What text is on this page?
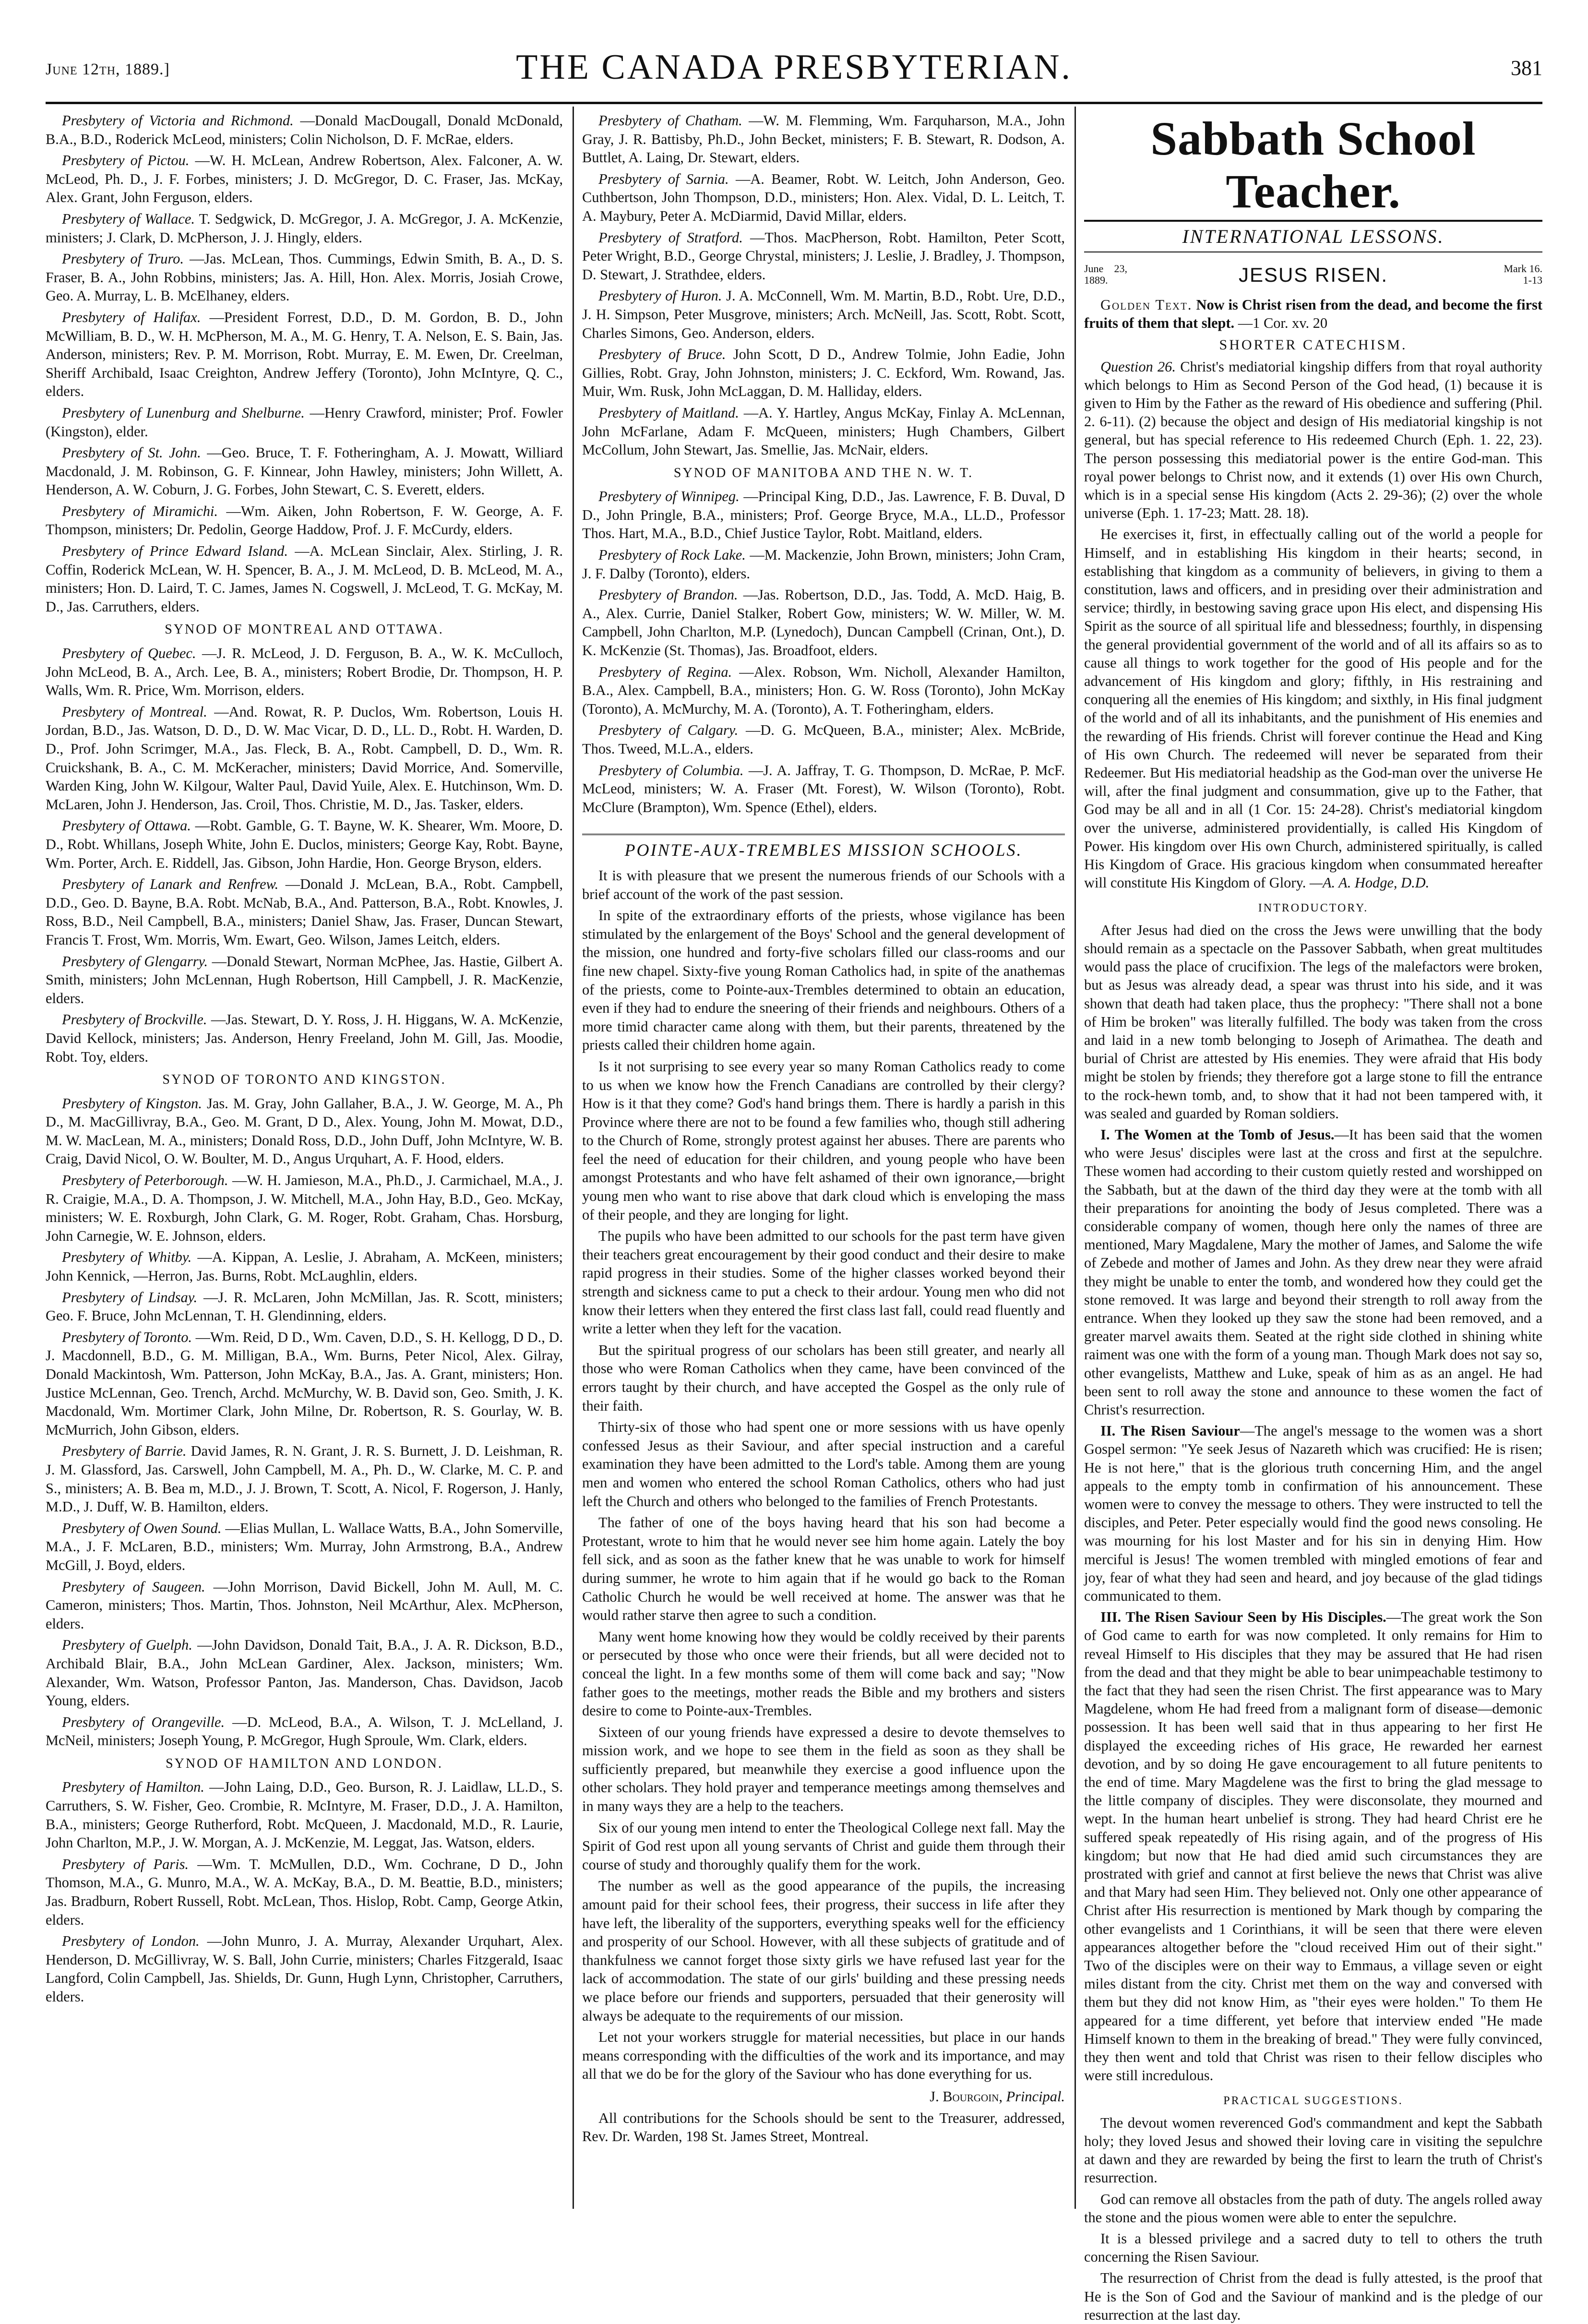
June 12th, 1889.]	THE CANADA PRESBYTERIAN.	381

Presbytery of Victoria and Richmond. —Donald MacDougall, Donald McDonald, B.A., B.D., Roderick McLeod, ministers; Colin Nicholson, D. F. McRae, elders.

Presbytery of Pictou. —W. H. McLean, Andrew Robertson, Alex. Falconer, A. W. McLeod, Ph. D., J. F. Forbes, ministers; J. D. McGregor, D. C. Fraser, Jas. McKay, Alex. Grant, John Ferguson, elders.

Presbytery of Wallace. T. Sedgwick, D. McGregor, J. A. McGregor, J. A. McKenzie, ministers; J. Clark, D. McPherson, J. J. Hingly, elders.

Presbytery of Truro. —Jas. McLean, Thos. Cummings, Edwin Smith, B. A., D. S. Fraser, B. A., John Robbins, ministers; Jas. A. Hill, Hon. Alex. Morris, Josiah Crowe, Geo. A. Murray, L. B. McElhaney, elders.

Presbytery of Halifax. —President Forrest, D.D., D. M. Gordon, B. D., John McWilliam, B. D., W. H. McPherson, M. A., M. G. Henry, T. A. Nelson, E. S. Bain, Jas. Anderson, ministers; Rev. P. M. Morrison, Robt. Murray, E. M. Ewen, Dr. Creelman, Sheriff Archibald, Isaac Creighton, Andrew Jeffery (Toronto), John McIntyre, Q. C., elders.

Presbytery of Lunenburg and Shelburne. —Henry Crawford, minister; Prof. Fowler (Kingston), elder.

Presbytery of St. John. —Geo. Bruce, T. F. Fotheringham, A. J. Mowatt, Williard Macdonald, J. M. Robinson, G. F. Kinnear, John Hawley, ministers; John Willett, A. Henderson, A. W. Coburn, J. G. Forbes, John Stewart, C. S. Everett, elders.

Presbytery of Miramichi. —Wm. Aiken, John Robertson, F. W. George, A. F. Thompson, ministers; Dr. Pedolin, George Haddow, Prof. J. F. McCurdy, elders.

Presbytery of Prince Edward Island. —A. McLean Sinclair, Alex. Stirling, J. R. Coffin, Roderick McLean, W. H. Spencer, B. A., J. M. McLeod, D. B. McLeod, M. A., ministers; Hon. D. Laird, T. C. James, James N. Cogswell, J. McLeod, T. G. McKay, M. D., Jas. Carruthers, elders.

SYNOD OF MONTREAL AND OTTAWA.

Presbytery of Quebec. —J. R. McLeod, J. D. Ferguson, B. A., W. K. McCulloch, John McLeod, B. A., Arch. Lee, B. A., ministers; Robert Brodie, Dr. Thompson, H. P. Walls, Wm. R. Price, Wm. Morrison, elders.

Presbytery of Montreal. —And. Rowat, R. P. Duclos, Wm. Robertson, Louis H. Jordan, B.D., Jas. Watson, D. D., D. W. Mac Vicar, D. D., LL. D., Robt. H. Warden, D. D., Prof. John Scrimger, M.A., Jas. Fleck, B. A., Robt. Campbell, D. D., Wm. R. Cruickshank, B. A., C. M. McKeracher, ministers; David Morrice, And. Somerville, Warden King, John W. Kilgour, Walter Paul, David Yuile, Alex. E. Hutchinson, Wm. D. McLaren, John J. Henderson, Jas. Croil, Thos. Christie, M. D., Jas. Tasker, elders.

Presbytery of Ottawa. —Robt. Gamble, G. T. Bayne, W. K. Shearer, Wm. Moore, D. D., Robt. Whillans, Joseph White, John E. Duclos, ministers; George Kay, Robt. Bayne, Wm. Porter, Arch. E. Riddell, Jas. Gibson, John Hardie, Hon. George Bryson, elders.

Presbytery of Lanark and Renfrew. —Donald J. McLean, B.A., Robt. Campbell, D.D., Geo. D. Bayne, B.A. Robt. McNab, B.A., And. Patterson, B.A., Robt. Knowles, J. Ross, B.D., Neil Campbell, B.A., ministers; Daniel Shaw, Jas. Fraser, Duncan Stewart, Francis T. Frost, Wm. Morris, Wm. Ewart, Geo. Wilson, James Leitch, elders.

Presbytery of Glengarry. —Donald Stewart, Norman McPhee, Jas. Hastie, Gilbert A. Smith, ministers; John McLennan, Hugh Robertson, Hill Campbell, J. R. MacKenzie, elders.

Presbytery of Brockville. —Jas. Stewart, D. Y. Ross, J. H. Higgans, W. A. McKenzie, David Kellock, ministers; Jas. Anderson, Henry Freeland, John M. Gill, Jas. Moodie, Robt. Toy, elders.

SYNOD OF TORONTO AND KINGSTON.

Presbytery of Kingston. Jas. M. Gray, John Gallaher, B.A., J. W. George, M. A., Ph D., M. MacGillivray, B.A., Geo. M. Grant, D D., Alex. Young, John M. Mowat, D.D., M. W. MacLean, M. A., ministers; Donald Ross, D.D., John Duff, John McIntyre, W. B. Craig, David Nicol, O. W. Boulter, M. D., Angus Urquhart, A. F. Hood, elders.

Presbytery of Peterborough. —W. H. Jamieson, M.A., Ph.D., J. Carmichael, M.A., J. R. Craigie, M.A., D. A. Thompson, J. W. Mitchell, M.A., John Hay, B.D., Geo. McKay, ministers; W. E. Roxburgh, John Clark, G. M. Roger, Robt. Graham, Chas. Horsburg, John Carnegie, W. E. Johnson, elders.

Presbytery of Whitby. —A. Kippan, A. Leslie, J. Abraham, A. McKeen, ministers; John Kennick, —Herron, Jas. Burns, Robt. McLaughlin, elders.

Presbytery of Lindsay. —J. R. McLaren, John McMillan, Jas. R. Scott, ministers; Geo. F. Bruce, John McLennan, T. H. Glendinning, elders.

Presbytery of Toronto. —Wm. Reid, D D., Wm. Caven, D.D., S. H. Kellogg, D D., D. J. Macdonnell, B.D., G. M. Milligan, B.A., Wm. Burns, Peter Nicol, Alex. Gilray, Donald Mackintosh, Wm. Patterson, John McKay, B.A., Jas. A. Grant, ministers; Hon. Justice McLennan, Geo. Trench, Archd. McMurchy, W. B. David son, Geo. Smith, J. K. Macdonald, Wm. Mortimer Clark, John Milne, Dr. Robertson, R. S. Gourlay, W. B. McMurrich, John Gibson, elders.

Presbytery of Barrie. David James, R. N. Grant, J. R. S. Burnett, J. D. Leishman, R. J. M. Glassford, Jas. Carswell, John Campbell, M. A., Ph. D., W. Clarke, M. C. P. and S., ministers; A. B. Bea m, M.D., J. J. Brown, T. Scott, A. Nicol, F. Rogerson, J. Hanly, M.D., J. Duff, W. B. Hamilton, elders.

Presbytery of Owen Sound. —Elias Mullan, L. Wallace Watts, B.A., John Somerville, M.A., J. F. McLaren, B.D., ministers; Wm. Murray, John Armstrong, B.A., Andrew McGill, J. Boyd, elders.

Presbytery of Saugeen. —John Morrison, David Bickell, John M. Aull, M. C. Cameron, ministers; Thos. Martin, Thos. Johnston, Neil McArthur, Alex. McPherson, elders.

Presbytery of Guelph. —John Davidson, Donald Tait, B.A., J. A. R. Dickson, B.D., Archibald Blair, B.A., John McLean Gardiner, Alex. Jackson, ministers; Wm. Alexander, Wm. Watson, Professor Panton, Jas. Manderson, Chas. Davidson, Jacob Young, elders.

Presbytery of Orangeville. —D. McLeod, B.A., A. Wilson, T. J. McLelland, J. McNeil, ministers; Joseph Young, P. McGregor, Hugh Sproule, Wm. Clark, elders.

SYNOD OF HAMILTON AND LONDON.

Presbytery of Hamilton. —John Laing, D.D., Geo. Burson, R. J. Laidlaw, LL.D., S. Carruthers, S. W. Fisher, Geo. Crombie, R. McIntyre, M. Fraser, D.D., J. A. Hamilton, B.A., ministers; George Rutherford, Robt. McQueen, J. Macdonald, M.D., R. Laurie, John Charlton, M.P., J. W. Morgan, A. J. McKenzie, M. Leggat, Jas. Watson, elders.

Presbytery of Paris. —Wm. T. McMullen, D.D., Wm. Cochrane, D D., John Thomson, M.A., G. Munro, M.A., W. A. McKay, B.A., D. M. Beattie, B.D., ministers; Jas. Bradburn, Robert Russell, Robt. McLean, Thos. Hislop, Robt. Camp, George Atkin, elders.

Presbytery of London. —John Munro, J. A. Murray, Alexander Urquhart, Alex. Henderson, D. McGillivray, W. S. Ball, John Currie, ministers; Charles Fitzgerald, Isaac Langford, Colin Campbell, Jas. Shields, Dr. Gunn, Hugh Lynn, Christopher, Carruthers, elders.

Presbytery of Chatham. —W. M. Flemming, Wm. Farquharson, M.A., John Gray, J. R. Battisby, Ph.D., John Becket, ministers; F. B. Stewart, R. Dodson, A. Buttlet, A. Laing, Dr. Stewart, elders.

Presbytery of Sarnia. —A. Beamer, Robt. W. Leitch, John Anderson, Geo. Cuthbertson, John Thompson, D.D., ministers; Hon. Alex. Vidal, D. L. Leitch, T. A. Maybury, Peter A. McDiarmid, David Millar, elders.

Presbytery of Stratford. —Thos. MacPherson, Robt. Hamilton, Peter Scott, Peter Wright, B.D., George Chrystal, ministers; J. Leslie, J. Bradley, J. Thompson, D. Stewart, J. Strathdee, elders.

Presbytery of Huron. J. A. McConnell, Wm. M. Martin, B.D., Robt. Ure, D.D., J. H. Simpson, Peter Musgrove, ministers; Arch. McNeill, Jas. Scott, Robt. Scott, Charles Simons, Geo. Anderson, elders.

Presbytery of Bruce. John Scott, D D., Andrew Tolmie, John Eadie, John Gillies, Robt. Gray, John Johnston, ministers; J. C. Eckford, Wm. Rowand, Jas. Muir, Wm. Rusk, John McLaggan, D. M. Halliday, elders.

Presbytery of Maitland. —A. Y. Hartley, Angus McKay, Finlay A. McLennan, John McFarlane, Adam F. McQueen, ministers; Hugh Chambers, Gilbert McCollum, John Stewart, Jas. Smellie, Jas. McNair, elders.

SYNOD OF MANITOBA AND THE N. W. T.

Presbytery of Winnipeg. —Principal King, D.D., Jas. Lawrence, F. B. Duval, D D., John Pringle, B.A., ministers; Prof. George Bryce, M.A., LL.D., Professor Thos. Hart, M.A., B.D., Chief Justice Taylor, Robt. Maitland, elders.

Presbytery of Rock Lake. —M. Mackenzie, John Brown, ministers; John Cram, J. F. Dalby (Toronto), elders.

Presbytery of Brandon. —Jas. Robertson, D.D., Jas. Todd, A. McD. Haig, B. A., Alex. Currie, Daniel Stalker, Robert Gow, ministers; W. W. Miller, W. M. Campbell, John Charlton, M.P. (Lynedoch), Duncan Campbell (Crinan, Ont.), D. K. McKenzie (St. Thomas), Jas. Broadfoot, elders.

Presbytery of Regina. —Alex. Robson, Wm. Nicholl, Alexander Hamilton, B.A., Alex. Campbell, B.A., ministers; Hon. G. W. Ross (Toronto), John McKay (Toronto), A. McMurchy, M. A. (Toronto), A. T. Fotheringham, elders.

Presbytery of Calgary. —D. G. McQueen, B.A., minister; Alex. McBride, Thos. Tweed, M.L.A., elders.

Presbytery of Columbia. —J. A. Jaffray, T. G. Thompson, D. McRae, P. McF. McLeod, ministers; W. A. Fraser (Mt. Forest), W. Wilson (Toronto), Robt. McClure (Brampton), Wm. Spence (Ethel), elders.

POINTE-AUX-TREMBLES MISSION SCHOOLS.

It is with pleasure that we present the numerous friends of our Schools with a brief account of the work of the past session.

In spite of the extraordinary efforts of the priests, whose vigilance has been stimulated by the enlargement of the Boys' School and the general development of the mission, one hundred and forty-five scholars filled our class-rooms and our fine new chapel. Sixty-five young Roman Catholics had, in spite of the anathemas of the priests, come to Pointe-aux-Trembles determined to obtain an education, even if they had to endure the sneering of their friends and neighbours. Others of a more timid character came along with them, but their parents, threatened by the priests called their children home again.

Is it not surprising to see every year so many Roman Catholics ready to come to us when we know how the French Canadians are controlled by their clergy? How is it that they come? God's hand brings them. There is hardly a parish in this Province where there are not to be found a few families who, though still adhering to the Church of Rome, strongly protest against her abuses. There are parents who feel the need of education for their children, and young people who have been amongst Protestants and who have felt ashamed of their own ignorance,—bright young men who want to rise above that dark cloud which is enveloping the mass of their people, and they are longing for light.

The pupils who have been admitted to our schools for the past term have given their teachers great encouragement by their good conduct and their desire to make rapid progress in their studies. Some of the higher classes worked beyond their strength and sickness came to put a check to their ardour. Young men who did not know their letters when they entered the first class last fall, could read fluently and write a letter when they left for the vacation.

But the spiritual progress of our scholars has been still greater, and nearly all those who were Roman Catholics when they came, have been convinced of the errors taught by their church, and have accepted the Gospel as the only rule of their faith.

Thirty-six of those who had spent one or more sessions with us have openly confessed Jesus as their Saviour, and after special instruction and a careful examination they have been admitted to the Lord's table. Among them are young men and women who entered the school Roman Catholics, others who had just left the Church and others who belonged to the families of French Protestants.

The father of one of the boys having heard that his son had become a Protestant, wrote to him that he would never see him home again. Lately the boy fell sick, and as soon as the father knew that he was unable to work for himself during summer, he wrote to him again that if he would go back to the Roman Catholic Church he would be well received at home. The answer was that he would rather starve then agree to such a condition.

Many went home knowing how they would be coldly received by their parents or persecuted by those who once were their friends, but all were decided not to conceal the light. In a few months some of them will come back and say; "Now father goes to the meetings, mother reads the Bible and my brothers and sisters desire to come to Pointe-aux-Trembles.

Sixteen of our young friends have expressed a desire to devote themselves to mission work, and we hope to see them in the field as soon as they shall be sufficiently prepared, but meanwhile they exercise a good influence upon the other scholars. They hold prayer and temperance meetings among themselves and in many ways they are a help to the teachers.

Six of our young men intend to enter the Theological College next fall. May the Spirit of God rest upon all young servants of Christ and guide them through their course of study and thoroughly qualify them for the work.

The number as well as the good appearance of the pupils, the increasing amount paid for their school fees, their progress, their success in life after they have left, the liberality of the supporters, everything speaks well for the efficiency and prosperity of our School. However, with all these subjects of gratitude and of thankfulness we cannot forget those sixty girls we have refused last year for the lack of accommodation. The state of our girls' building and these pressing needs we place before our friends and supporters, persuaded that their generosity will always be adequate to the requirements of our mission.

Let not your workers struggle for material necessities, but place in our hands means corresponding with the difficulties of the work and its importance, and may all that we do be for the glory of the Saviour who has done everything for us.

J. Bourgoin, Principal.

All contributions for the Schools should be sent to the Treasurer, addressed, Rev. Dr. Warden, 198 St. James Street, Montreal.

Sabbath School Teacher.
INTERNATIONAL LESSONS.
June 23, 1889.	JESUS RISEN.	Mark 16. 1-13

Golden Text. Now is Christ risen from the dead, and become the first fruits of them that slept. —1 Cor. xv. 20

SHORTER CATECHISM.

Question 26. Christ's mediatorial kingship differs from that royal authority which belongs to Him as Second Person of the God head, (1) because it is given to Him by the Father as the reward of His obedience and suffering (Phil. 2. 6-11). (2) because the object and design of His mediatorial kingship is not general, but has special reference to His redeemed Church (Eph. 1. 22, 23). The person possessing this mediatorial power is the entire God-man. This royal power belongs to Christ now, and it extends (1) over His own Church, which is in a special sense His kingdom (Acts 2. 29-36); (2) over the whole universe (Eph. 1. 17-23; Matt. 28. 18).

He exercises it, first, in effectually calling out of the world a people for Himself, and in establishing His kingdom in their hearts; second, in establishing that kingdom as a community of believers, in giving to them a constitution, laws and officers, and in presiding over their administration and service; thirdly, in bestowing saving grace upon His elect, and dispensing His Spirit as the source of all spiritual life and blessedness; fourthly, in dispensing the general providential government of the world and of all its affairs so as to cause all things to work together for the good of His people and for the advancement of His kingdom and glory; fifthly, in His restraining and conquering all the enemies of His kingdom; and sixthly, in His final judgment of the world and of all its inhabitants, and the punishment of His enemies and the rewarding of His friends. Christ will forever continue the Head and King of His own Church. The redeemed will never be separated from their Redeemer. But His mediatorial headship as the God-man over the universe He will, after the final judgment and consummation, give up to the Father, that God may be all and in all (1 Cor. 15: 24-28). Christ's mediatorial kingdom over the universe, administered providentially, is called His Kingdom of Power. His kingdom over His own Church, administered spiritually, is called His Kingdom of Grace. His gracious kingdom when consummated hereafter will constitute His Kingdom of Glory. —A. A. Hodge, D.D.

INTRODUCTORY.

After Jesus had died on the cross the Jews were unwilling that the body should remain as a spectacle on the Passover Sabbath, when great multitudes would pass the place of crucifixion. The legs of the malefactors were broken, but as Jesus was already dead, a spear was thrust into his side, and it was shown that death had taken place, thus the prophecy: "There shall not a bone of Him be broken" was literally fulfilled. The body was taken from the cross and laid in a new tomb belonging to Joseph of Arimathea. The death and burial of Christ are attested by His enemies. They were afraid that His body might be stolen by friends; they therefore got a large stone to fill the entrance to the rock-hewn tomb, and, to show that it had not been tampered with, it was sealed and guarded by Roman soldiers.

I. The Women at the Tomb of Jesus.—It has been said that the women who were Jesus' disciples were last at the cross and first at the sepulchre. These women had according to their custom quietly rested and worshipped on the Sabbath, but at the dawn of the third day they were at the tomb with all their preparations for anointing the body of Jesus completed. There was a considerable company of women, though here only the names of three are mentioned, Mary Magdalene, Mary the mother of James, and Salome the wife of Zebede and mother of James and John. As they drew near they were afraid they might be unable to enter the tomb, and wondered how they could get the stone removed. It was large and beyond their strength to roll away from the entrance. When they looked up they saw the stone had been removed, and a greater marvel awaits them. Seated at the right side clothed in shining white raiment was one with the form of a young man. Though Mark does not say so, other evangelists, Matthew and Luke, speak of him as as an angel. He had been sent to roll away the stone and announce to these women the fact of Christ's resurrection.

II. The Risen Saviour—The angel's message to the women was a short Gospel sermon: "Ye seek Jesus of Nazareth which was crucified: He is risen; He is not here," that is the glorious truth concerning Him, and the angel appeals to the empty tomb in confirmation of his announcement. These women were to convey the message to others. They were instructed to tell the disciples, and Peter. Peter especially would find the good news consoling. He was mourning for his lost Master and for his sin in denying Him. How merciful is Jesus! The women trembled with mingled emotions of fear and joy, fear of what they had seen and heard, and joy because of the glad tidings communicated to them.

III. The Risen Saviour Seen by His Disciples.—The great work the Son of God came to earth for was now completed. It only remains for Him to reveal Himself to His disciples that they may be assured that He had risen from the dead and that they might be able to bear unimpeachable testimony to the fact that they had seen the risen Christ. The first appearance was to Mary Magdelene, whom He had freed from a malignant form of disease—demonic possession. It has been well said that in thus appearing to her first He displayed the exceeding riches of His grace, He rewarded her earnest devotion, and by so doing He gave encouragement to all future penitents to the end of time. Mary Magdelene was the first to bring the glad message to the little company of disciples. They were disconsolate, they mourned and wept. In the human heart unbelief is strong. They had heard Christ ere he suffered speak repeatedly of His rising again, and of the progress of His kingdom; but now that He had died amid such circumstances they are prostrated with grief and cannot at first believe the news that Christ was alive and that Mary had seen Him. They believed not. Only one other appearance of Christ after His resurrection is mentioned by Mark though by comparing the other evangelists and 1 Corinthians, it will be seen that there were eleven appearances altogether before the "cloud received Him out of their sight." Two of the disciples were on their way to Emmaus, a village seven or eight miles distant from the city. Christ met them on the way and conversed with them but they did not know Him, as "their eyes were holden." To them He appeared for a time different, yet before that interview ended "He made Himself known to them in the breaking of bread." They were fully convinced, they then went and told that Christ was risen to their fellow disciples who were still incredulous.

PRACTICAL SUGGESTIONS.

The devout women reverenced God's commandment and kept the Sabbath holy; they loved Jesus and showed their loving care in visiting the sepulchre at dawn and they are rewarded by being the first to learn the truth of Christ's resurrection.

God can remove all obstacles from the path of duty. The angels rolled away the stone and the pious women were able to enter the sepulchre.

It is a blessed privilege and a sacred duty to tell to others the truth concerning the Risen Saviour.

The resurrection of Christ from the dead is fully attested, is the proof that He is the Son of God and the Saviour of mankind and is the pledge of our resurrection at the last day.
